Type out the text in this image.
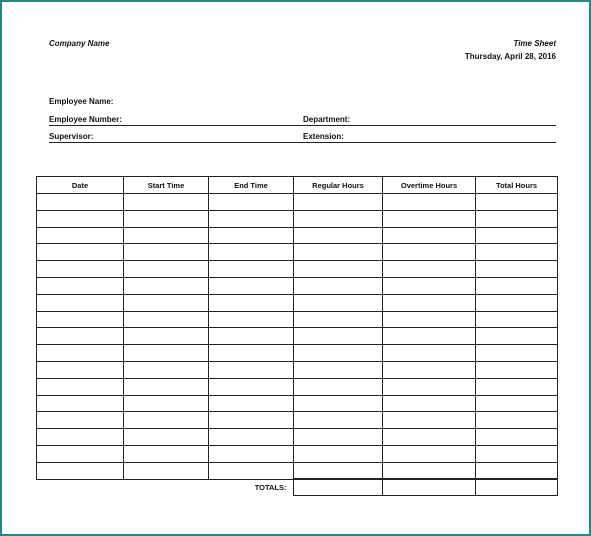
Company Name	Time Sheet
Thursday, April 28, 2016
Employee Name:
Employee Number:	Department:
Supervisor:	Extension:
Date	Start Time	End Time	Regular Hours	Overtime Hours	Total Hours

		TOTALS:			
